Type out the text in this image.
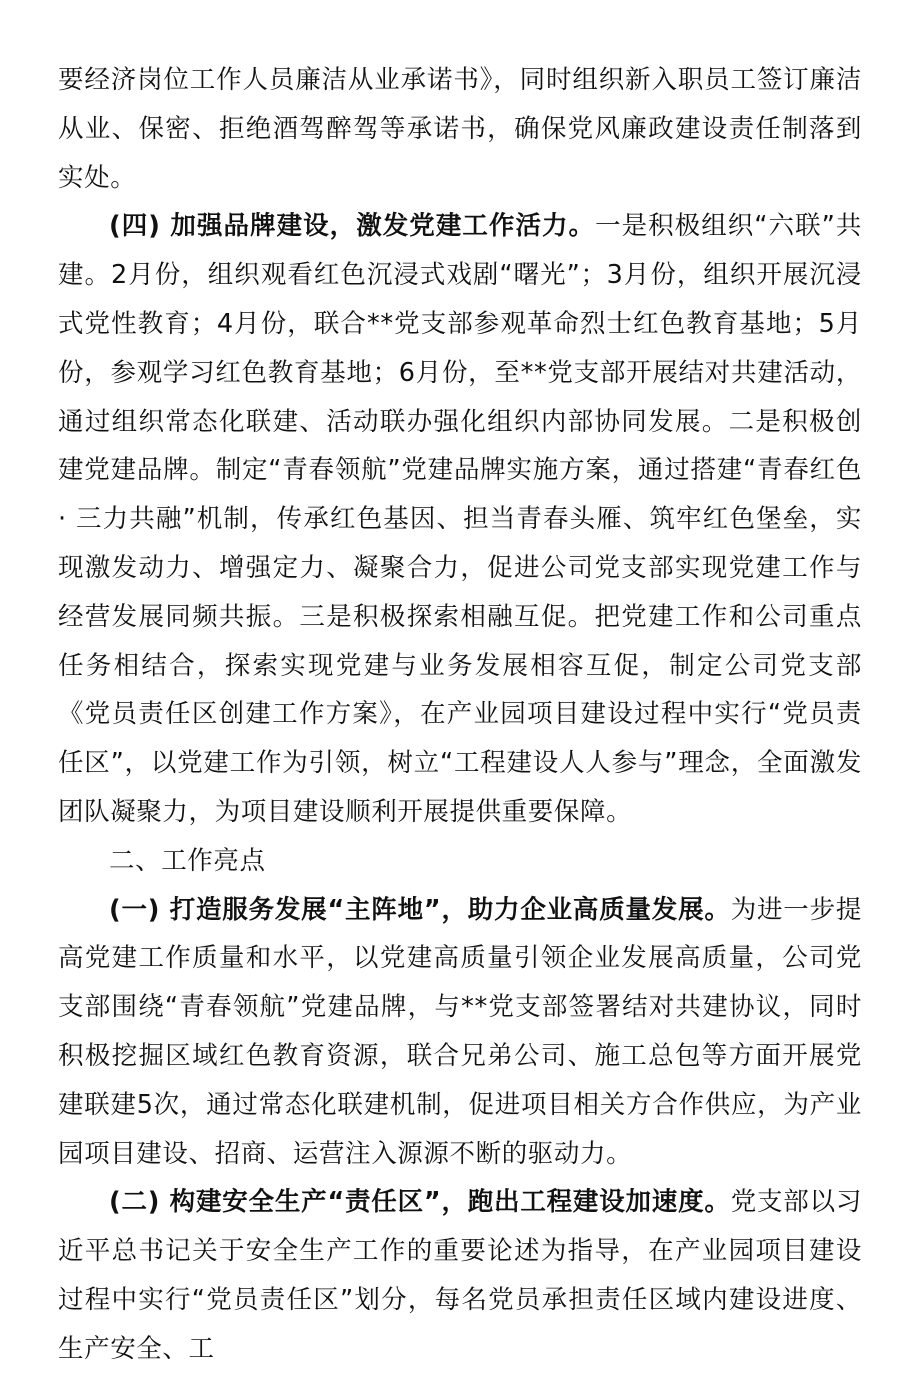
要经济岗位工作人员廉洁从业承诺书》，同时组织新入职员工签订廉洁从业、保密、拒绝酒驾醉驾等承诺书，确保党风廉政建设责任制落到实处。

(四) 加强品牌建设，激发党建工作活力。一是积极组织“六联”共建。2月份，组织观看红色沉浸式戏剧“曙光”；3月份，组织开展沉浸式党性教育；4月份，联合**党支部参观革命烈士红色教育基地；5月份，参观学习红色教育基地；6月份，至**党支部开展结对共建活动，通过组织常态化联建、活动联办强化组织内部协同发展。二是积极创建党建品牌。制定“青春领航”党建品牌实施方案，通过搭建“青春红色 · 三力共融”机制，传承红色基因、担当青春头雁、筑牢红色堡垒，实现激发动力、增强定力、凝聚合力，促进公司党支部实现党建工作与经营发展同频共振。三是积极探索相融互促。把党建工作和公司重点任务相结合，探索实现党建与业务发展相容互促，制定公司党支部《党员责任区创建工作方案》，在产业园项目建设过程中实行“党员责任区”，以党建工作为引领，树立“工程建设人人参与”理念，全面激发团队凝聚力，为项目建设顺利开展提供重要保障。

二、工作亮点

(一) 打造服务发展“主阵地”，助力企业高质量发展。为进一步提高党建工作质量和水平，以党建高质量引领企业发展高质量，公司党支部围绕“青春领航”党建品牌，与**党支部签署结对共建协议，同时积极挖掘区域红色教育资源，联合兄弟公司、施工总包等方面开展党建联建5次，通过常态化联建机制，促进项目相关方合作供应，为产业园项目建设、招商、运营注入源源不断的驱动力。

(二) 构建安全生产“责任区”，跑出工程建设加速度。党支部以习近平总书记关于安全生产工作的重要论述为指导，在产业园项目建设过程中实行“党员责任区”划分，每名党员承担责任区域内建设进度、生产安全、工
